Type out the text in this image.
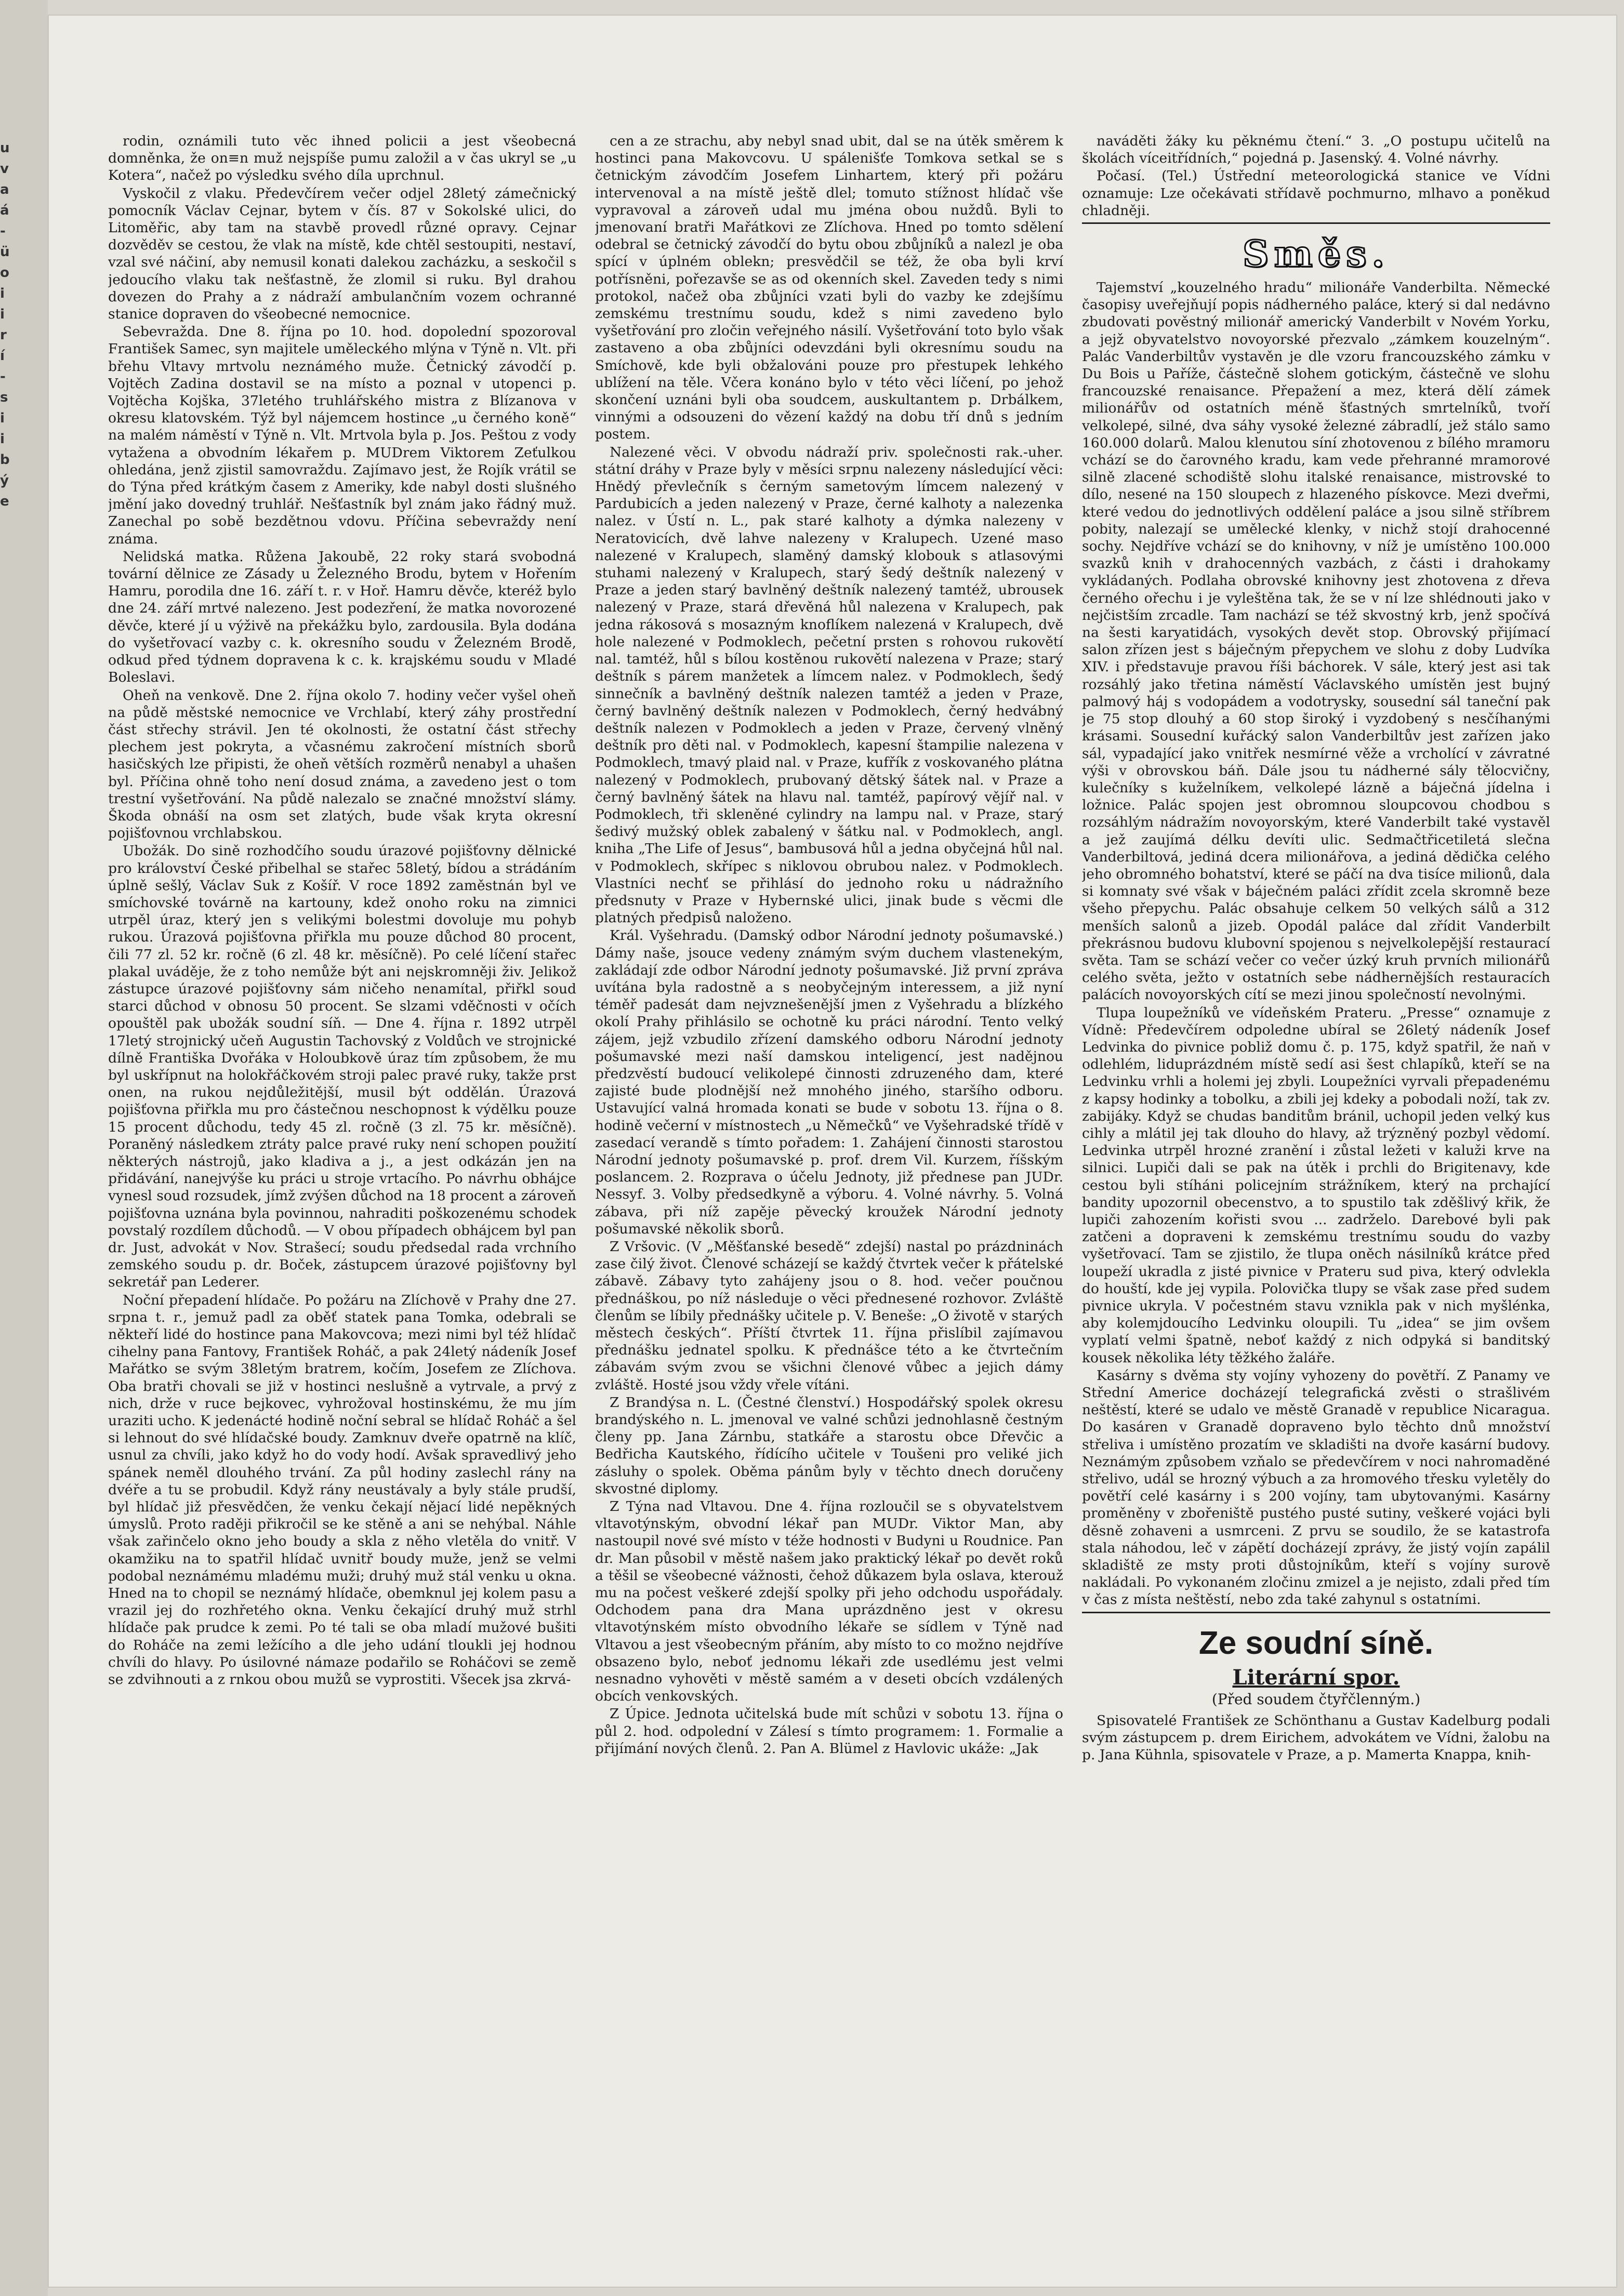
u
v
a
á
-
ü
o
i
i
r
í
-
s
i
i
b
ý
e

rodin, oznámili tuto věc ihned policii a jest všeobecná domněnka, že on≡n muž nejspíše pumu založil a v čas ukryl se „u Kotera“, načež po výsledku svého díla uprchnul.

Vyskočil z vlaku. Předevčírem večer odjel 28letý zámečnický pomocník Václav Cejnar, bytem v čís. 87 v Sokolské ulici, do Litoměřic, aby tam na stavbě provedl různé opravy. Cejnar dozvěděv se cestou, že vlak na místě, kde chtěl sestoupiti, nestaví, vzal své náčiní, aby nemusil konati dalekou zacházku, a seskočil s jedoucího vlaku tak nešťastně, že zlomil si ruku. Byl drahou dovezen do Prahy a z nádraží ambulančním vozem ochranné stanice dopraven do všeobecné nemocnice.

Sebevražda. Dne 8. října po 10. hod. dopolední spozoroval František Samec, syn majitele uměleckého mlýna v Týně n. Vlt. při břehu Vltavy mrtvolu neznámého muže. Četnický závodčí p. Vojtěch Zadina dostavil se na místo a poznal v utopenci p. Vojtěcha Kojška, 37letého truhlářského mistra z Blízanova v okresu klatovském. Týž byl nájemcem hostince „u černého koně“ na malém náměstí v Týně n. Vlt. Mrtvola byla p. Jos. Peštou z vody vytažena a obvodním lékařem p. MUDrem Viktorem Zeťulkou ohledána, jenž zjistil samovraždu. Zajímavo jest, že Rojík vrátil se do Týna před krátkým časem z Ameriky, kde nabyl dosti slušného jmění jako dovedný truhlář. Nešťastník byl znám jako řádný muž. Zanechal po sobě bezdětnou vdovu. Příčina sebevraždy není známa.

Nelidská matka. Růžena Jakoubě, 22 roky stará svobodná tovární dělnice ze Zásady u Železného Brodu, bytem v Hořením Hamru, porodila dne 16. září t. r. v Hoř. Hamru děvče, kteréž bylo dne 24. září mrtvé nalezeno. Jest podezření, že matka novorozené děvče, které jí u výživě na překážku bylo, zardousila. Byla dodána do vyšetřovací vazby c. k. okresního soudu v Železném Brodě, odkud před týdnem dopravena k c. k. krajskému soudu v Mladé Boleslavi.

Oheň na venkově. Dne 2. října okolo 7. hodiny večer vyšel oheň na půdě městské nemocnice ve Vrchlabí, který záhy prostřední část střechy strávil. Jen té okolnosti, že ostatní část střechy plechem jest pokryta, a včasnému zakročení místních sborů hasičských lze připisti, že oheň větších rozměrů nenabyl a uhašen byl. Příčina ohně toho není dosud známa, a zavedeno jest o tom trestní vyšetřování. Na půdě nalezalo se značné množství slámy. Škoda obnáší na osm set zlatých, bude však kryta okresní pojišťovnou vrchlabskou.

Ubožák. Do sině rozhodčího soudu úrazové pojišťovny dělnické pro království České přibelhal se stařec 58letý, bídou a strádáním úplně sešlý, Václav Suk z Košíř. V roce 1892 zaměstnán byl ve smíchovské továrně na kartouny, kdež onoho roku na zimnici utrpěl úraz, který jen s velikými bolestmi dovoluje mu pohyb rukou. Úrazová pojišťovna přiřkla mu pouze důchod 80 procent, čili 77 zl. 52 kr. ročně (6 zl. 48 kr. měsíčně). Po celé líčení stařec plakal uváděje, že z toho nemůže být ani nejskromněji živ. Jelikož zástupce úrazové pojišťovny sám ničeho nenamítal, přiřkl soud starci důchod v obnosu 50 procent. Se slzami vděčnosti v očích opouštěl pak ubožák soudní síň. — Dne 4. října r. 1892 utrpěl 17letý strojnický učeň Augustin Tachovský z Voldůch ve strojnické dílně Františka Dvořáka v Holoubkově úraz tím způsobem, že mu byl uskřípnut na holokřáčkovém stroji palec pravé ruky, takže prst onen, na rukou nejdůležitější, musil být oddělán. Úrazová pojišťovna přiřkla mu pro částečnou neschopnost k výdělku pouze 15 procent důchodu, tedy 45 zl. ročně (3 zl. 75 kr. měsíčně). Poraněný následkem ztráty palce pravé ruky není schopen použití některých nástrojů, jako kladiva a j., a jest odkázán jen na přidávání, nanejvýše ku práci u stroje vrtacího. Po návrhu obhájce vynesl soud rozsudek, jímž zvýšen důchod na 18 procent a zároveň pojišťovna uznána byla povinnou, nahraditi poškozenému schodek povstalý rozdílem důchodů. — V obou případech obhájcem byl pan dr. Just, advokát v Nov. Strašecí; soudu předsedal rada vrchního zemského soudu p. dr. Boček, zástupcem úrazové pojišťovny byl sekretář pan Lederer.

Noční přepadení hlídače. Po požáru na Zlíchově v Prahy dne 27. srpna t. r., jemuž padl za oběť statek pana Tomka, odebrali se někteří lidé do hostince pana Makovcova; mezi nimi byl též hlídač cihelny pana Fantovy, František Roháč, a pak 24letý nádeník Josef Mařátko se svým 38letým bratrem, kočím, Josefem ze Zlíchova. Oba bratři chovali se již v hostinci neslušně a vytrvale, a prvý z nich, drže v ruce bejkovec, vyhrožoval hostinskému, že mu jím uraziti ucho. K jedenácté hodině noční sebral se hlídač Roháč a šel si lehnout do své hlídačské boudy. Zamknuv dveře opatrně na klíč, usnul za chvíli, jako když ho do vody hodí. Avšak spravedlivý jeho spánek neměl dlouhého trvání. Za půl hodiny zaslechl rány na dvéře a tu se probudil. Když rány neustávaly a byly stále prudší, byl hlídač již přesvědčen, že venku čekají nějací lidé nepěkných úmyslů. Proto raději přikročil se ke stěně a ani se nehýbal. Náhle však zařinčelo okno jeho boudy a skla z něho vletěla do vnitř. V okamžiku na to spatřil hlídač uvnitř boudy muže, jenž se velmi podobal neznámému mladému muži; druhý muž stál venku u okna. Hned na to chopil se neznámý hlídače, obemknul jej kolem pasu a vrazil jej do rozhřetého okna. Venku čekající druhý muž strhl hlídače pak prudce k zemi. Po té tali se oba mladí mužové bušiti do Roháče na zemi ležícího a dle jeho udání tloukli jej hodnou chvíli do hlavy. Po úsilovné námaze podařilo se Roháčovi se země se zdvihnouti a z rnkou obou mužů se vyprostiti. Všecek jsa zkrvá-

cen a ze strachu, aby nebyl snad ubit, dal se na útěk směrem k hostinci pana Makovcovu. U spálenišťe Tomkova setkal se s četnickým závodčím Josefem Linhartem, který při požáru intervenoval a na místě ještě dlel; tomuto stížnost hlídač vše vypravoval a zároveň udal mu jména obou nuždů. Byli to jmenovaní bratři Mařátkovi ze Zlíchova. Hned po tomto sdělení odebral se četnický závodčí do bytu obou zbůjníků a nalezl je oba spící v úplném oblekn; presvědčil se též, že oba byli krví potřísněni, pořezavše se as od okenních skel. Zaveden tedy s nimi protokol, načež oba zbůjníci vzati byli do vazby ke zdejšímu zemskému trestnímu soudu, kdež s nimi zavedeno bylo vyšetřování pro zločin veřejného násilí. Vyšetřování toto bylo však zastaveno a oba zbůjníci odevzdáni byli okresnímu soudu na Smíchově, kde byli obžalováni pouze pro přestupek lehkého ublížení na těle. Včera konáno bylo v této věci líčení, po jehož skončení uznáni byli oba soudcem, auskultantem p. Drbálkem, vinnými a odsouzeni do vězení každý na dobu tří dnů s jedním postem.

Nalezené věci. V obvodu nádraží priv. společnosti rak.-uher. státní dráhy v Praze byly v měsíci srpnu nalezeny následující věci: Hnědý převlečník s černým sametovým límcem nalezený v Pardubicích a jeden nalezený v Praze, černé kalhoty a nalezenka nalez. v Ústí n. L., pak staré kalhoty a dýmka nalezeny v Neratovicích, dvě lahve nalezeny v Kralupech. Uzené maso nalezené v Kralupech, slaměný damský klobouk s atlasovými stuhami nalezený v Kralupech, starý šedý deštník nalezený v Praze a jeden starý bavlněný deštník nalezený tamtéž, ubrousek nalezený v Praze, stará dřevěná hůl nalezena v Kralupech, pak jedna rákosová s mosazným knoflíkem nalezená v Kralupech, dvě hole nalezené v Podmoklech, pečetní prsten s rohovou rukovětí nal. tamtéž, hůl s bílou kostěnou rukovětí nalezena v Praze; starý deštník s párem manžetek a límcem nalez. v Podmoklech, šedý sinnečník a bavlněný deštník nalezen tamtéž a jeden v Praze, černý bavlněný deštník nalezen v Podmoklech, černý hedvábný deštník nalezen v Podmoklech a jeden v Praze, červený vlněný deštník pro děti nal. v Podmoklech, kapesní štampilie nalezena v Podmoklech, tmavý plaid nal. v Praze, kufřík z voskovaného plátna nalezený v Podmoklech, prubovaný dětský šátek nal. v Praze a černý bavlněný šátek na hlavu nal. tamtéž, papírový vějíř nal. v Podmoklech, tři skleněné cylindry na lampu nal. v Praze, starý šedivý mužský oblek zabalený v šátku nal. v Podmoklech, angl. kniha „The Life of Jesus“, bambusová hůl a jedna obyčejná hůl nal. v Podmoklech, skřípec s niklovou obrubou nalez. v Podmoklech. Vlastníci nechť se přihlásí do jednoho roku u nádražního předsnuty v Praze v Hybernské ulici, jinak bude s věcmi dle platných předpisů naloženo.

Král. Vyšehradu. (Damský odbor Národní jednoty pošumavské.) Dámy naše, jsouce vedeny známým svým duchem vlastenekým, zakládají zde odbor Národní jednoty pošumavské. Již první zpráva uvítána byla radostně a s neobyčejným interessem, a již nyní téměř padesát dam nejvznešenější jmen z Vyšehradu a blízkého okolí Prahy přihlásilo se ochotně ku práci národní. Tento velký zájem, jejž vzbudilo zřízení damského odboru Národní jednoty pošumavské mezi naší damskou inteligencí, jest nadějnou předzvěstí budoucí velikolepé činnosti zdruzeného dam, které zajisté bude plodnější než mnohého jiného, staršího odboru. Ustavující valná hromada konati se bude v sobotu 13. října o 8. hodině večerní v místnostech „u Němečků“ ve Vyšehradské třídě v zasedací verandě s tímto pořadem: 1. Zahájení činnosti starostou Národní jednoty pošumavské p. prof. drem Vil. Kurzem, říšským poslancem. 2. Rozprava o účelu Jednoty, již přednese pan JUDr. Nessyf. 3. Volby předsedkyně a výboru. 4. Volné návrhy. 5. Volná zábava, při níž zapěje pěvecký kroužek Národní jednoty pošumavské několik sborů.

Z Vršovic. (V „Měšťanské besedě“ zdejší) nastal po prázdninách zase čilý život. Členové scházejí se každý čtvrtek večer k přátelské zábavě. Zábavy tyto zahájeny jsou o 8. hod. večer poučnou přednáškou, po níž následuje o věci přednesené rozhovor. Zvláště členům se líbily přednášky učitele p. V. Beneše: „O životě v starých městech českých“. Příští čtvrtek 11. října přislíbil zajímavou přednášku jednatel spolku. K přednášce této a ke čtvrtečním zábavám svým zvou se všichni členové vůbec a jejich dámy zvláště. Hosté jsou vždy vřele vítáni.

Z Brandýsa n. L. (Čestné členství.) Hospodářský spolek okresu brandýského n. L. jmenoval ve valné schůzi jednohlasně čestným členy pp. Jana Zárnbu, statkáře a starostu obce Dřevčic a Bedřicha Kautského, řídícího učitele v Toušeni pro veliké jich zásluhy o spolek. Oběma pánům byly v těchto dnech doručeny skvostné diplomy.

Z Týna nad Vltavou. Dne 4. října rozloučil se s obyvatelstvem vltavotýnským, obvodní lékař pan MUDr. Viktor Man, aby nastoupil nové své místo v téže hodnosti v Budyni u Roudnice. Pan dr. Man působil v městě našem jako praktický lékař po devět roků a těšil se všeobecné vážnosti, čehož důkazem byla oslava, kterouž mu na počest veškeré zdejší spolky při jeho odchodu uspořádaly. Odchodem pana dra Mana uprázdněno jest v okresu vltavotýnském místo obvodního lékaře se sídlem v Týně nad Vltavou a jest všeobecným přáním, aby místo to co možno nejdříve obsazeno bylo, neboť jednomu lékaři zde usedlému jest velmi nesnadno vyhověti v městě samém a v deseti obcích vzdálených obcích venkovských.

Z Úpice. Jednota učitelská bude mít schůzi v sobotu 13. října o půl 2. hod. odpolední v Zálesí s tímto programem: 1. Formalie a přijímání nových členů. 2. Pan A. Blümel z Havlovic ukáže: „Jak

naváděti žáky ku pěknému čtení.“ 3. „O postupu učitelů na školách víceitřídních,“ pojedná p. Jasenský. 4. Volné návrhy.

Počasí. (Tel.) Ústřední meteorologická stanice ve Vídni oznamuje: Lze očekávati střídavě pochmurno, mlhavo a poněkud chladněji.

Směs.

Tajemství „kouzelného hradu“ milionáře Vanderbilta. Německé časopisy uveřejňují popis nádherného paláce, který si dal nedávno zbudovati pověstný milionář americký Vanderbilt v Novém Yorku, a jejž obyvatelstvo novoyorské přezvalo „zámkem kouzelným“. Palác Vanderbiltův vystavěn je dle vzoru francouzského zámku v Du Bois u Paříže, částečně slohem gotickým, částečně ve slohu francouzské renaisance. Přepažení a mez, která dělí zámek milionářův od ostatních méně šťastných smrtelníků, tvoří velkolepé, silné, dva sáhy vysoké železné zábradlí, jež stálo samo 160.000 dolarů. Malou klenutou síní zhotovenou z bílého mramoru vchází se do čarovného kradu, kam vede přehranné mramorové silně zlacené schodiště slohu italské renaisance, mistrovské to dílo, nesené na 150 sloupech z hlazeného pískovce. Mezi dveřmi, které vedou do jednotlivých oddělení paláce a jsou silně stříbrem pobity, nalezají se umělecké klenky, v nichž stojí drahocenné sochy. Nejdříve vchází se do knihovny, v níž je umístěno 100.000 svazků knih v drahocenných vazbách, z části i drahokamy vykládaných. Podlaha obrovské knihovny jest zhotovena z dřeva černého ořechu i je vyleštěna tak, že se v ní lze shlédnouti jako v nejčistším zrcadle. Tam nachází se též skvostný krb, jenž spočívá na šesti karyatidách, vysokých devět stop. Obrovský přijímací salon zřízen jest s báječným přepychem ve slohu z doby Ludvíka XIV. i představuje pravou říši báchorek. V sále, který jest asi tak rozsáhlý jako třetina náměstí Václavského umístěn jest bujný palmový háj s vodopádem a vodotrysky, sousední sál taneční pak je 75 stop dlouhý a 60 stop široký i vyzdobený s nesčíhanými krásami. Sousední kuřácký salon Vanderbiltův jest zařízen jako sál, vypadající jako vnitřek nesmírné věže a vrcholící v závratné výši v obrovskou báň. Dále jsou tu nádherné sály tělocvičny, kulečníky s kuželníkem, velkolepé lázně a báječná jídelna i ložnice. Palác spojen jest obromnou sloupcovou chodbou s rozsáhlým nádražím novoyorským, které Vanderbilt také vystavěl a jež zaujímá délku devíti ulic. Sedmačtřicetiletá slečna Vanderbiltová, jediná dcera milionářova, a jediná dědička celého jeho obromného bohatství, které se páčí na dva tisíce milionů, dala si komnaty své však v báječném paláci zřídit zcela skromně beze všeho přepychu. Palác obsahuje celkem 50 velkých sálů a 312 menších salonů a jizeb. Opodál paláce dal zřídit Vanderbilt překrásnou budovu klubovní spojenou s nejvelkolepější restaurací světa. Tam se schází večer co večer úzký kruh prvních milionářů celého světa, ježto v ostatních sebe nádhernějších restauracích palácích novoyorských cítí se mezi jinou společností nevolnými.

Tlupa loupežníků ve vídeňském Prateru. „Presse“ oznamuje z Vídně: Předevčírem odpoledne ubíral se 26letý nádeník Josef Ledvinka do pivnice pobliž domu č. p. 175, když spatřil, že naň v odlehlém, liduprázdném místě sedí asi šest chlapíků, kteří se na Ledvinku vrhli a holemi jej zbyli. Loupežníci vyrvali přepadenému z kapsy hodinky a tobolku, a zbili jej kdeky a pobodali noží, tak zv. zabijáky. Když se chudas banditům bránil, uchopil jeden velký kus cihly a mlátil jej tak dlouho do hlavy, až trýzněný pozbyl vědomí. Ledvinka utrpěl hrozné zranění i zůstal ležeti v kaluži krve na silnici. Lupiči dali se pak na útěk i prchli do Brigitenavy, kde cestou byli stíháni policejním strážníkem, který na prchající bandity upozornil obecenstvo, a to spustilo tak zděšlivý křik, že lupiči zahozením kořisti svou ... zadrželo. Darebové byli pak zatčeni a dopraveni k zemskému trestnímu soudu do vazby vyšetřovací. Tam se zjistilo, že tlupa oněch násilníků krátce před loupeží ukradla z jisté pivnice v Prateru sud piva, který odvlekla do houští, kde jej vypila. Polovička tlupy se však zase před sudem pivnice ukryla. V počestném stavu vznikla pak v nich myšlénka, aby kolemjdoucího Ledvinku oloupili. Tu „idea“ se jim ovšem vyplatí velmi špatně, neboť každý z nich odpyká si banditský kousek několika léty těžkého žaláře.

Kasárny s dvěma sty vojíny vyhozeny do povětří. Z Panamy ve Střední Americe docházejí telegrafická zvěsti o strašlivém neštěstí, které se udalo ve městě Granadě v republice Nicaragua. Do kasáren v Granadě dopraveno bylo těchto dnů množství střeliva i umístěno prozatím ve skladišti na dvoře kasární budovy. Neznámým způsobem vzňalo se předevčírem v noci nahromaděné střelivo, udál se hrozný výbuch a za hromového třesku vyletěly do povětří celé kasárny i s 200 vojíny, tam ubytovanými. Kasárny proměněny v zbořeniště pustého pusté sutiny, veškeré vojáci byli děsně zohaveni a usmrceni. Z prvu se soudilo, že se katastrofa stala náhodou, leč v zápětí docházejí zprávy, že jistý vojín zapálil skladiště ze msty proti důstojníkům, kteří s vojíny surově nakládali. Po vykonaném zločinu zmizel a je nejisto, zdali před tím v čas z místa neštěstí, nebo zda také zahynul s ostatními.

Ze soudní síně.
Literární spor.
(Před soudem čtyřčlenným.)

Spisovatelé František ze Schönthanu a Gustav Kadelburg podali svým zástupcem p. drem Eirichem, advokátem ve Vídni, žalobu na p. Jana Kühnla, spisovatele v Praze, a p. Mamerta Knappa, knih-
